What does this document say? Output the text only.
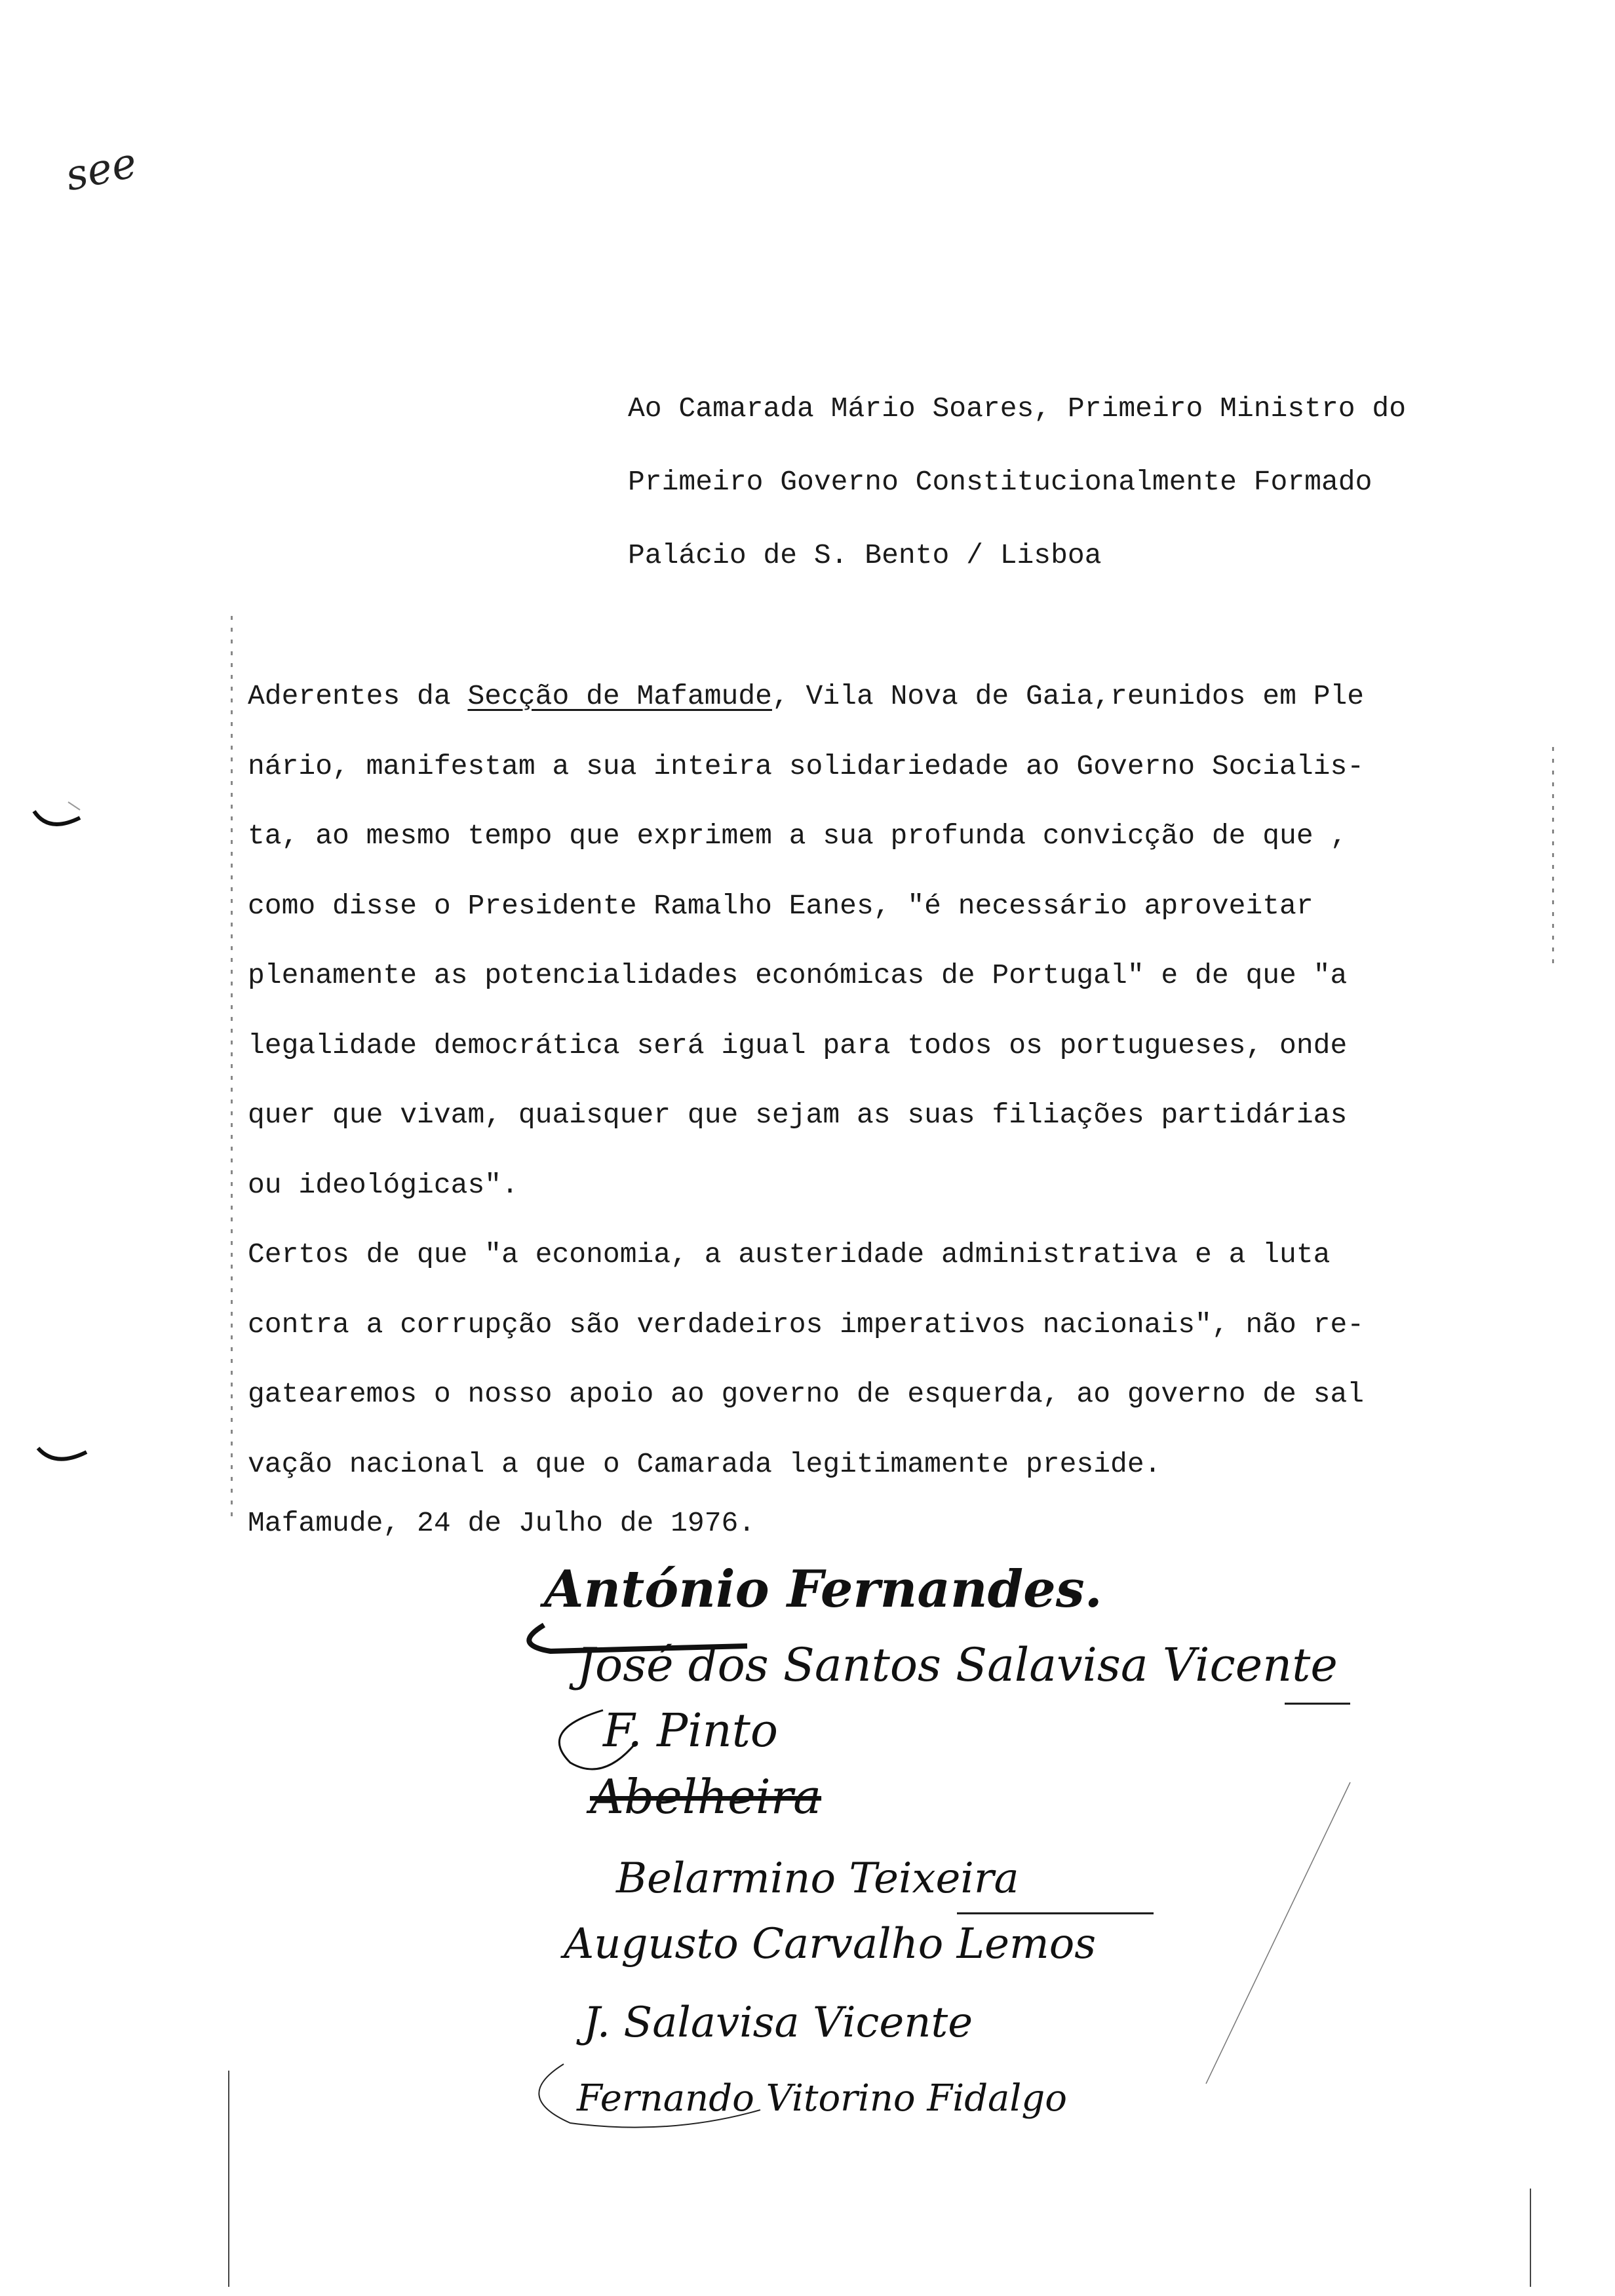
see
Ao Camarada Mário Soares, Primeiro Ministro do
Primeiro Governo Constitucionalmente Formado
Palácio de S. Bento / Lisboa
Aderentes da Secção de Mafamude, Vila Nova de Gaia,reunidos em Ple
nário, manifestam a sua inteira solidariedade ao Governo Socialis-
ta, ao mesmo tempo que exprimem a sua profunda convicção de que ,
como disse o Presidente Ramalho Eanes, "é necessário aproveitar
plenamente as potencialidades económicas de Portugal" e de que "a
legalidade democrática será igual para todos os portugueses, onde
quer que vivam, quaisquer que sejam as suas filiações partidárias
ou ideológicas".
Certos de que "a economia, a austeridade administrativa e a luta
contra a corrupção são verdadeiros imperativos nacionais", não re-
gatearemos o nosso apoio ao governo de esquerda, ao governo de sal
vação nacional a que o Camarada legitimamente preside.
Mafamude, 24 de Julho de 1976.
António Fernandes.
José dos Santos Salavisa Vicente
F. Pinto
Abelheira
Belarmino Teixeira
Augusto Carvalho Lemos
J. Salavisa Vicente
Fernando Vitorino Fidalgo
